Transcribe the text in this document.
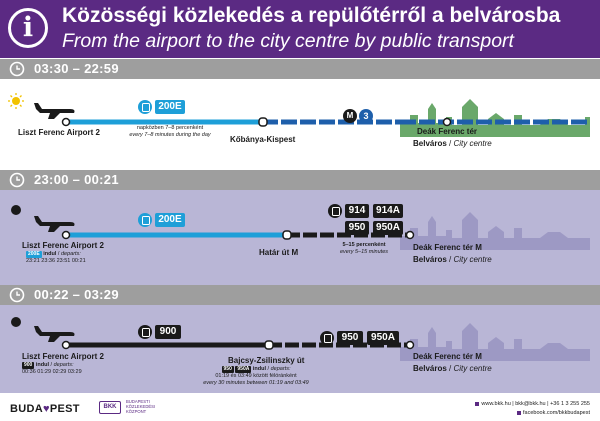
i	Közösségi közlekedés a repülőtérről a belvárosba
From the airport to the city centre by public transport
03:30 – 22:59
Liszt Ferenc Airport 2
200E
napközben 7–8 percenként
every 7–8 minutes during the day Kőbánya-Kispest
M	3
Deák Ferenc tér
Belváros / City centre
23:00 – 00:21
Liszt Ferenc Airport 2
200E indul / departs:
23:21 23:36 23:51 00:21
200E
Határ út M
914	914A
950	950A
5–15 percenként
every 5–15 minutes	Deák Ferenc tér M
Belváros / City centre
00:22 – 03:29
Liszt Ferenc Airport 2
900 indul / departs:
00:36 01:29 02:29 03:29
900
Bajcsy-Zsilinszky út
950 950A indul / departs:
01:19 és 03:49 között félóránként
every 30 minutes between 01:19 and 03:49
950	950A
Deák Ferenc tér M
Belváros / City centre
BUDA♥PEST	BKK
BUDAPESTI
KÖZLEKEDÉSI
KÖZPONT
www.bkk.hu | bkk@bkk.hu | +36 1 3 255 255
facebook.com/bkkbudapest
